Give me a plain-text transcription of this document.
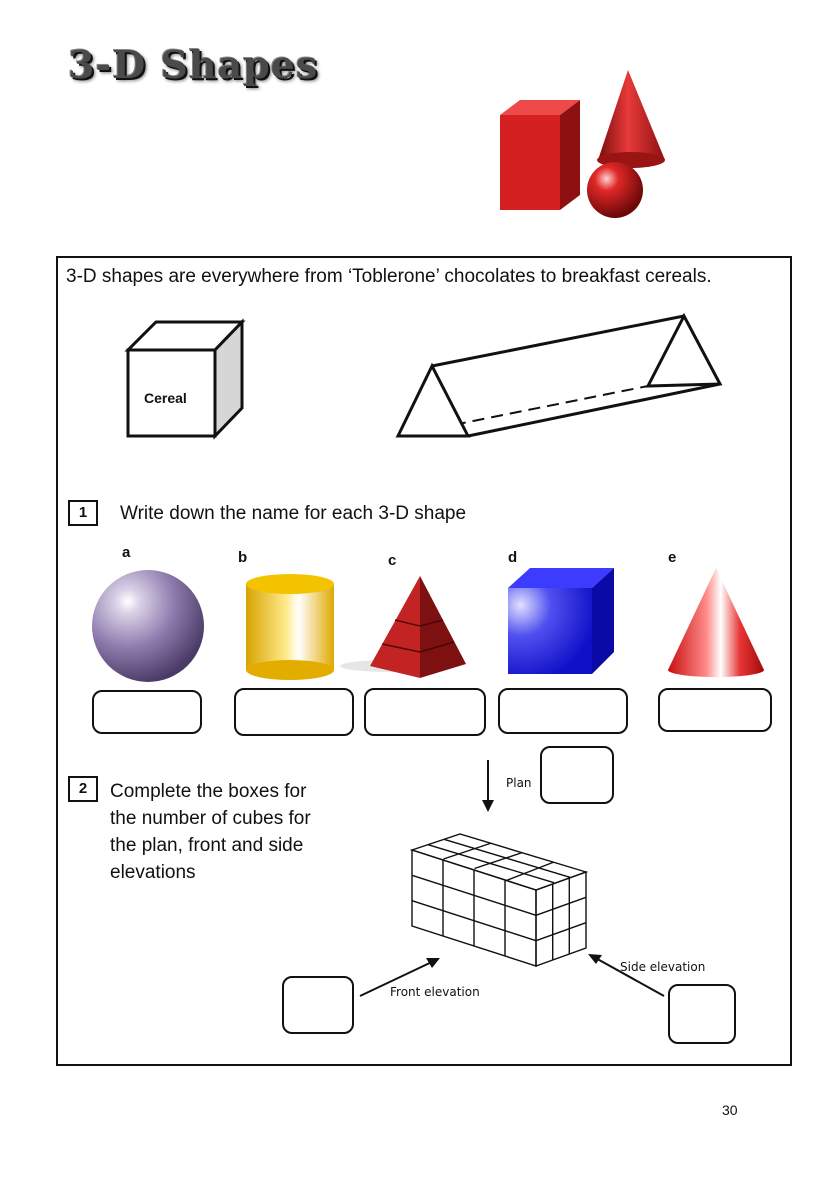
3-D Shapes
3-D shapes are everywhere from ‘Toblerone’ chocolates to breakfast cereals.
Cereal
1	Write down the name for each 3-D shape
a	b	c	d	e
2	Complete the boxes for
the number of cubes for
the plan, front and side
elevations
Plan
Front elevation
Side elevation
30
